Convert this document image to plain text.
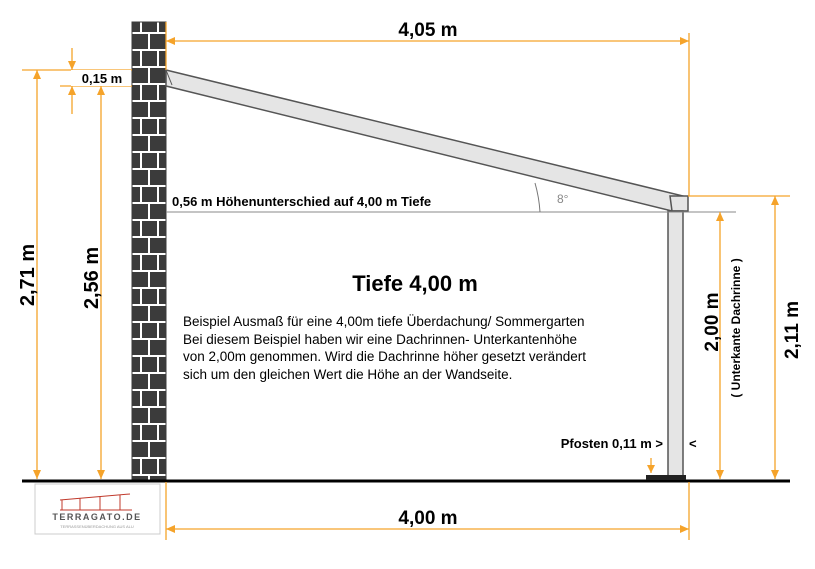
4,05 m
4,00 m
0,15 m
0,56 m Höhenunterschied auf 4,00 m Tiefe	8°
2,71 m 2,56 m
2,00 m ( Unterkante Dachrinne ) 2,11 m
Pfosten 0,11 m > <
Tiefe 4,00 m
Beispiel Ausmaß für eine 4,00m tiefe Überdachung/ Sommergarten
Bei diesem Beispiel haben wir eine Dachrinnen- Unterkantenhöhe
von 2,00m genommen. Wird die Dachrinne höher gesetzt verändert
sich um den gleichen Wert die Höhe an der Wandseite.
TERRAGATO.DE
TERRASSENÜBERDACHUNG AUS ALU
